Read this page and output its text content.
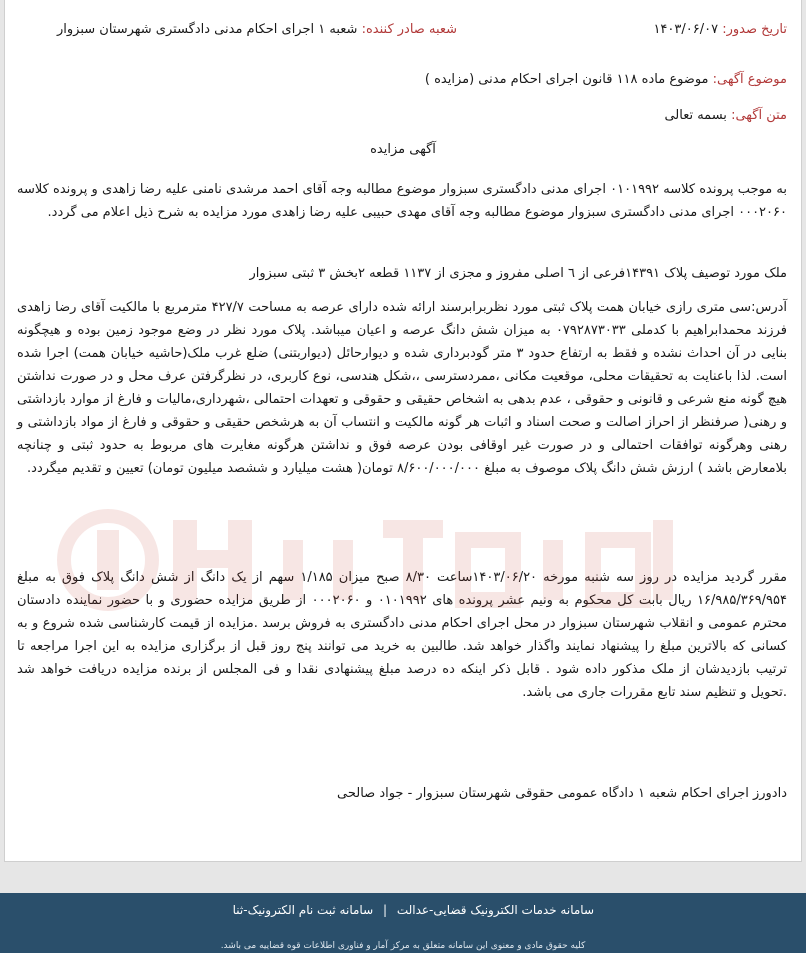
تاریخ صدور: ۱۴۰۳/۰۶/۰۷
شعبه صادر کننده: شعبه ۱ اجرای احکام مدنی دادگستری شهرستان سبزوار
موضوع آگهی: موضوع ماده ۱۱۸ قانون اجرای احکام مدنی (مزایده )
متن آگهی: بسمه تعالی
آگهی مزایده
به موجب پرونده کلاسه ۰۱۰۱۹۹۲ اجرای مدنی دادگستری سبزوار موضوع مطالبه وجه آقای احمد مرشدی نامنی علیه رضا زاهدی و پرونده کلاسه ۰۰۰۲۰۶۰ اجرای مدنی دادگستری سبزوار موضوع مطالبه وجه آقای مهدی حبیبی علیه رضا زاهدی مورد مزایده به شرح ذیل اعلام می گردد.
ملک مورد توصیف پلاک ۱۴۳۹۱فرعی از ٦ اصلی مفروز و مجزی از ۱۱۳۷ قطعه ۲بخش ۳ ثبتی سبزوار
آدرس:سی متری رازی خیابان همت پلاک ثبتی مورد نظربرابرسند ارائه شده دارای عرصه به مساحت ۴۲۷/۷ مترمربع با مالکیت آقای رضا زاهدی فرزند محمدابراهیم با کدملی ۰۷۹۲۸۷۳۰۳۳ به میزان شش دانگ عرصه و اعیان میباشد. پلاک مورد نظر در وضع موجود زمین بوده و هیچگونه بنایی در آن احداث نشده و فقط به ارتفاع حدود ۳ متر گودبرداری شده و دیوارحائل (دیواربتنی) ضلع غرب ملک(حاشیه خیابان همت) اجرا شده است. لذا باعنایت به تحقیقات محلی، موقعیت مکانی ،ممردسترسی ،،شکل هندسی، نوع کاربری، در نظرگرفتن عرف محل و در صورت نداشتن هیچ گونه منع شرعی و قانونی و حقوقی ، عدم بدهی به اشخاص حقیقی و حقوقی و تعهدات احتمالی ،شهرداری،مالیات و فارغ از موارد بازداشتی و رهنی( صرفنظر از احراز اصالت و صحت اسناد و اثبات هر گونه مالکیت و انتساب آن به هرشخص حقیقی و حقوقی و فارغ از مواد بازداشتی و رهنی وهرگونه توافقات احتمالی و در صورت غیر اوقافی بودن عرصه فوق و نداشتن هرگونه مغایرت های مربوط به حدود ثبتی و چنانچه بلامعارض باشد ) ارزش شش دانگ پلاک موصوف به مبلغ ۸/۶۰۰/۰۰۰/۰۰۰ تومان( هشت میلیارد و ششصد میلیون تومان) تعیین و تقدیم میگردد.
مقرر گردید مزایده در روز سه شنبه مورخه ۱۴۰۳/۰۶/۲۰ساعت ۸/۳۰ صبح میزان ۱/۱۸۵ سهم از یک دانگ از شش دانگ پلاک فوق به مبلغ ۱۶/۹۸۵/۳۶۹/۹۵۴ ریال بابت کل محکوم به ونیم عشر پرونده های ۰۱۰۱۹۹۲ و ۰۰۰۲۰۶۰ از طریق مزایده حضوری و با حضور نماینده دادستان محترم عمومی و انقلاب شهرستان سبزوار در محل اجرای احکام مدنی دادگستری به فروش برسد .مزایده از قیمت کارشناسی شده شروع و به کسانی که بالاترین مبلغ را پیشنهاد نمایند واگذار خواهد شد. طالبین به خرید می توانند پنج روز قبل از برگزاری مزایده به این اجرا مراجعه تا ترتیب بازدیدشان از ملک مذکور داده شود . قابل ذکر اینکه ده درصد مبلغ پیشنهادی نقدا و فی المجلس از برنده مزایده دریافت خواهد شد .تحویل و تنظیم سند تابع مقررات جاری می باشد.
دادورز اجرای احکام شعبه ۱ دادگاه عمومی حقوقی شهرستان سبزوار - جواد صالحی
سامانه خدمات الکترونیک قضایی-عدالت | سامانه ثبت نام الکترونیک-ثنا
کلیه حقوق مادی و معنوی این سامانه متعلق به مرکز آمار و فناوری اطلاعات قوه قضاییه می باشد.
